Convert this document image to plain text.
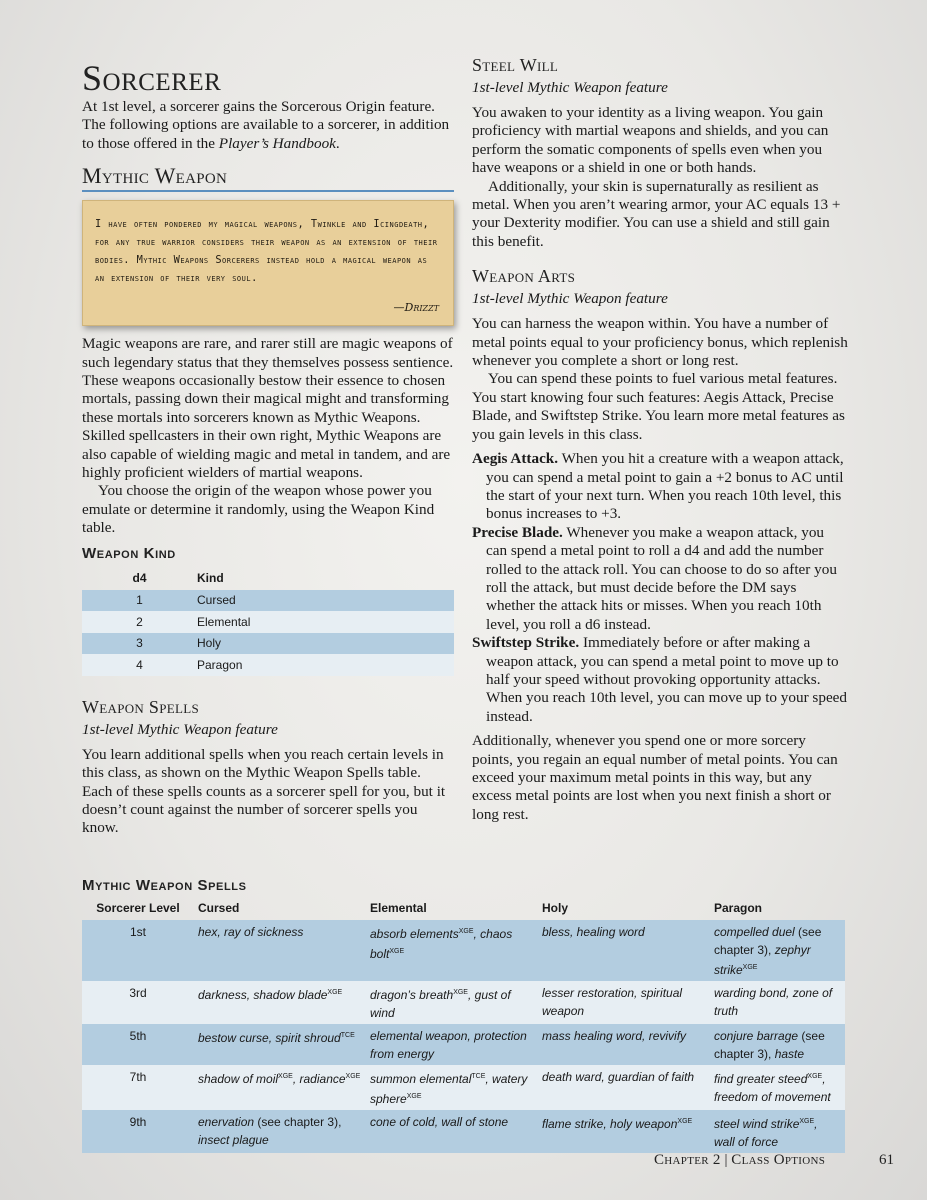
Sorcerer

At 1st level, a sorcerer gains the Sorcerous Origin feature. The following options are available to a sorcerer, in addition to those offered in the Player’s Handbook.

Mythic Weapon
I have often pondered my magical weapons, Twinkle and Icingdeath, for any true warrior considers their weapon as an extension of their bodies. Mythic Weapons Sorcerers instead hold a magical weapon as an extension of their very soul.
—Drizzt

Magic weapons are rare, and rarer still are magic weapons of such legendary status that they themselves possess sentience. These weapons occasionally bestow their essence to chosen mortals, passing down their magical might and transforming these mortals into sorcerers known as Mythic Weapons. Skilled spellcasters in their own right, Mythic Weapons are also capable of wielding magic and metal in tandem, and are highly proficient wielders of martial weapons.

You choose the origin of the weapon whose power you emulate or determine it randomly, using the Weapon Kind table.

Weapon Kind
d4	Kind
1	Cursed
2	Elemental
3	Holy
4	Paragon
Weapon Spells
1st-level Mythic Weapon feature

You learn additional spells when you reach certain levels in this class, as shown on the Mythic Weapon Spells table. Each of these spells counts as a sorcerer spell for you, but it doesn’t count against the number of sorcerer spells you know.

Steel Will
1st-level Mythic Weapon feature

You awaken to your identity as a living weapon. You gain proficiency with martial weapons and shields, and you can perform the somatic components of spells even when you have weapons or a shield in one or both hands.

Additionally, your skin is supernaturally as resilient as metal. When you aren’t wearing armor, your AC equals 13 + your Dexterity modifier. You can use a shield and still gain this benefit.

Weapon Arts
1st-level Mythic Weapon feature

You can harness the weapon within. You have a number of metal points equal to your proficiency bonus, which replenish whenever you complete a short or long rest.

You can spend these points to fuel various metal features. You start knowing four such features: Aegis Attack, Precise Blade, and Swiftstep Strike. You learn more metal features as you gain levels in this class.

Aegis Attack. When you hit a creature with a weapon attack, you can spend a metal point to gain a +2 bonus to AC until the start of your next turn. When you reach 10th level, this bonus increases to +3.

Precise Blade. Whenever you make a weapon attack, you can spend a metal point to roll a d4 and add the number rolled to the attack roll. You can choose to do so after you roll the attack, but must decide before the DM says whether the attack hits or misses. When you reach 10th level, you roll a d6 instead.

Swiftstep Strike. Immediately before or after making a weapon attack, you can spend a metal point to move up to half your speed without provoking opportunity attacks. When you reach 10th level, you can move up to your speed instead.

Additionally, whenever you spend one or more sorcery points, you regain an equal number of metal points. You can exceed your maximum metal points in this way, but any excess metal points are lost when you next finish a short or long rest.

Mythic Weapon Spells
Sorcerer Level	Cursed	Elemental	Holy	Paragon
1st	hex, ray of sickness	absorb elements$^{XGE}$, chaos bolt$^{XGE}$	bless, healing word	compelled duel (see chapter 3), zephyr strike$^{XGE}$
3rd	darkness, shadow blade$^{XGE}$	dragon’s breath$^{XGE}$, gust of wind	lesser restoration, spiritual weapon	warding bond, zone of truth
5th	bestow curse, spirit shroud$^{TCE}$	elemental weapon, protection from energy	mass healing word, revivify	conjure barrage (see chapter 3), haste
7th	shadow of moil$^{XGE}$, radiance$^{XGE}$	summon elemental$^{TCE}$, watery sphere$^{XGE}$	death ward, guardian of faith	find greater steed$^{XGE}$, freedom of movement
9th	enervation (see chapter 3), insect plague	cone of cold, wall of stone	flame strike, holy weapon$^{XGE}$	steel wind strike$^{XGE}$, wall of force
Chapter 2 | Class Options	61
